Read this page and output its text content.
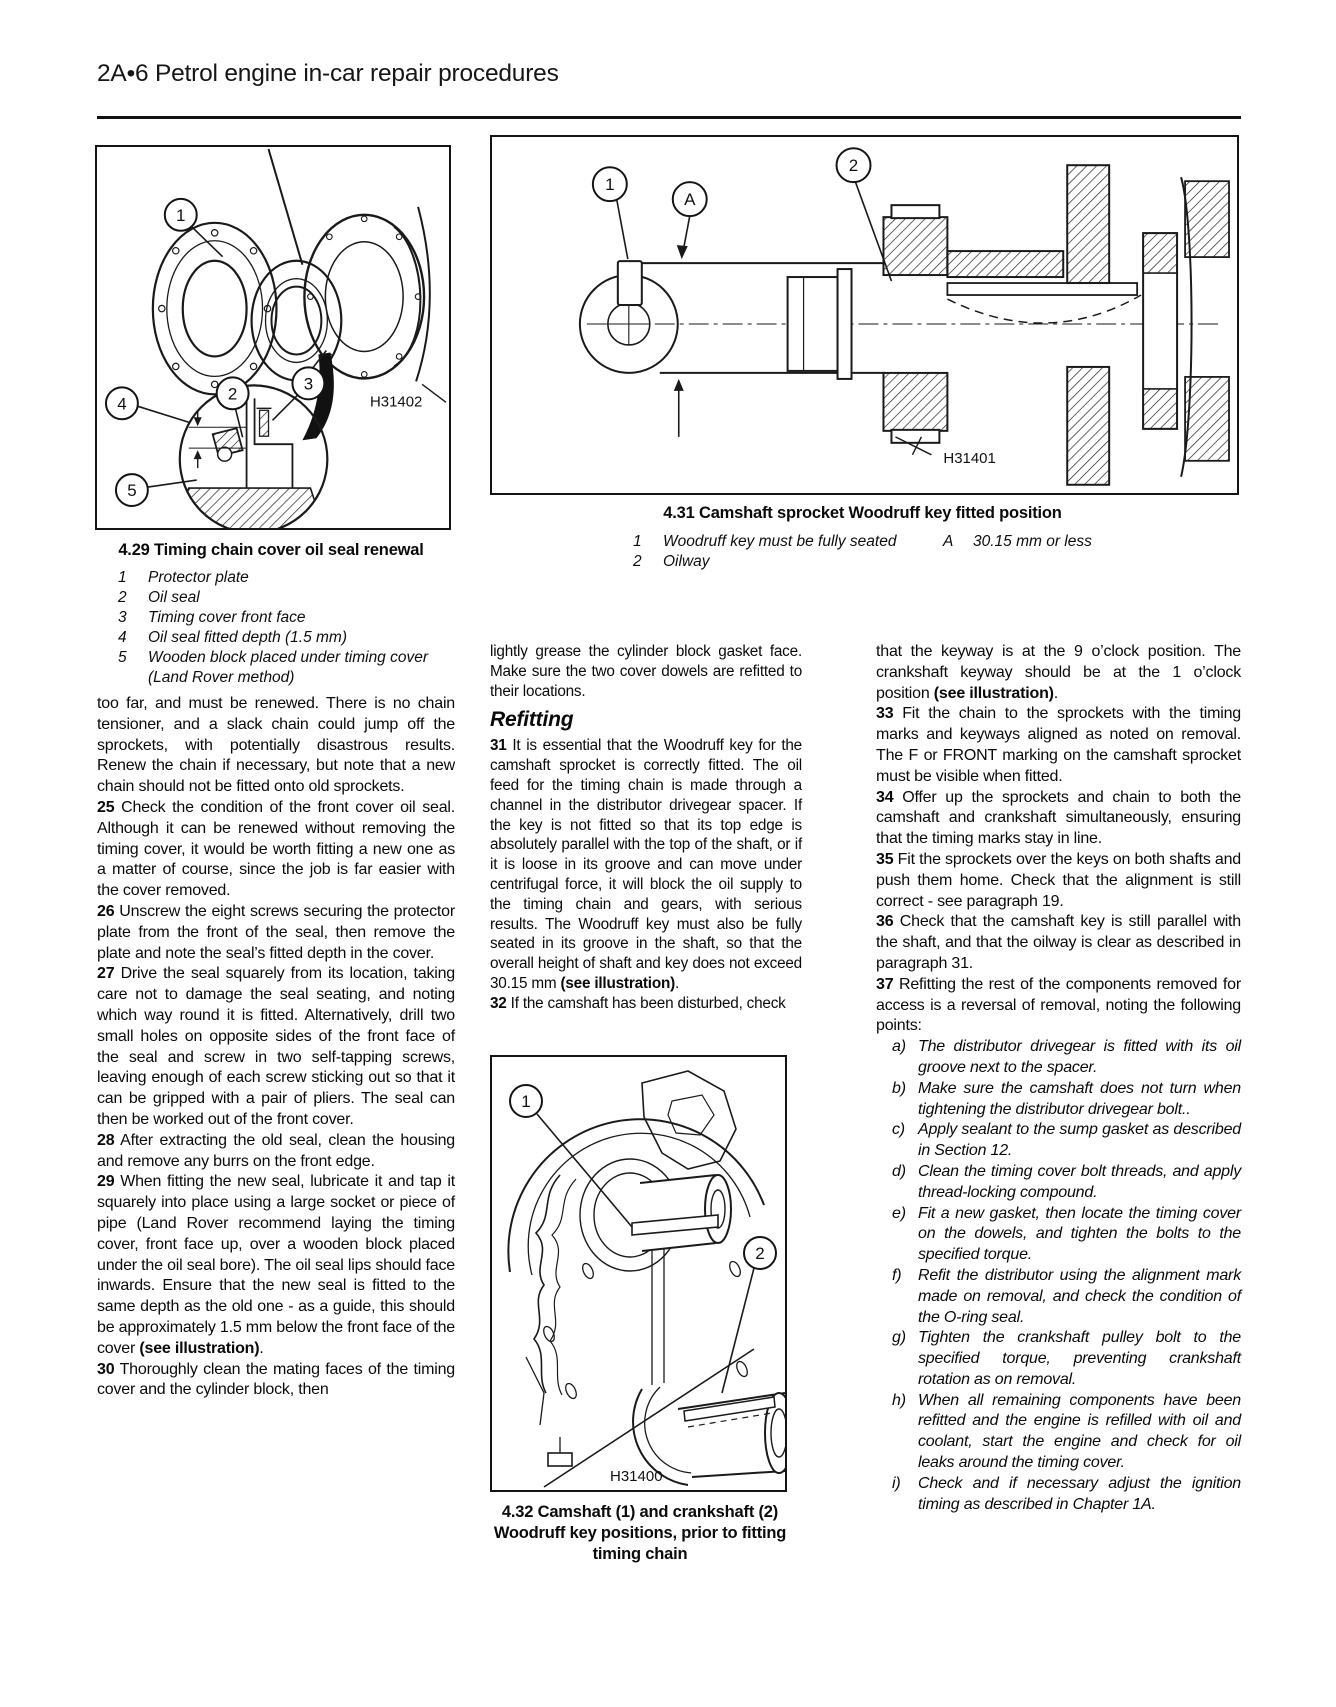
2A•6 Petrol engine in-car repair procedures
H31402
1
2
3
4
5
4.29 Timing chain cover oil seal renewal
1	Protector plate
2	Oil seal
3	Timing cover front face
4	Oil seal fitted depth (1.5 mm)
5	Wooden block placed under timing cover (Land Rover method)
1
A
2
H31401
4.31 Camshaft sprocket Woodruff key fitted position
1	Woodruff key must be fully seated
2	Oilway
A	30.15 mm or less
1
2
H31400
4.32 Camshaft (1) and crankshaft (2)
Woodruff key positions, prior to fitting
timing chain

too far, and must be renewed. There is no chain tensioner, and a slack chain could jump off the sprockets, with potentially disastrous results. Renew the chain if necessary, but note that a new chain should not be fitted onto old sprockets.

25 Check the condition of the front cover oil seal. Although it can be renewed without removing the timing cover, it would be worth fitting a new one as a matter of course, since the job is far easier with the cover removed.

26 Unscrew the eight screws securing the protector plate from the front of the seal, then remove the plate and note the seal’s fitted depth in the cover.

27 Drive the seal squarely from its location, taking care not to damage the seal seating, and noting which way round it is fitted. Alternatively, drill two small holes on opposite sides of the front face of the seal and screw in two self-tapping screws, leaving enough of each screw sticking out so that it can be gripped with a pair of pliers. The seal can then be worked out of the front cover.

28 After extracting the old seal, clean the housing and remove any burrs on the front edge.

29 When fitting the new seal, lubricate it and tap it squarely into place using a large socket or piece of pipe (Land Rover recommend laying the timing cover, front face up, over a wooden block placed under the oil seal bore). The oil seal lips should face inwards. Ensure that the new seal is fitted to the same depth as the old one - as a guide, this should be approximately 1.5 mm below the front face of the cover (see illustration).

30 Thoroughly clean the mating faces of the timing cover and the cylinder block, then

lightly grease the cylinder block gasket face. Make sure the two cover dowels are refitted to their locations.

Refitting

31 It is essential that the Woodruff key for the camshaft sprocket is correctly fitted. The oil feed for the timing chain is made through a channel in the distributor drivegear spacer. If the key is not fitted so that its top edge is absolutely parallel with the top of the shaft, or if it is loose in its groove and can move under centrifugal force, it will block the oil supply to the timing chain and gears, with serious results. The Woodruff key must also be fully seated in its groove in the shaft, so that the overall height of shaft and key does not exceed 30.15 mm (see illustration).

32 If the camshaft has been disturbed, check

that the keyway is at the 9 o’clock position. The crankshaft keyway should be at the 1 o’clock position (see illustration).

33 Fit the chain to the sprockets with the timing marks and keyways aligned as noted on removal. The F or FRONT marking on the camshaft sprocket must be visible when fitted.

34 Offer up the sprockets and chain to both the camshaft and crankshaft simultaneously, ensuring that the timing marks stay in line.

35 Fit the sprockets over the keys on both shafts and push them home. Check that the alignment is still correct - see paragraph 19.

36 Check that the camshaft key is still parallel with the shaft, and that the oilway is clear as described in paragraph 31.

37 Refitting the rest of the components removed for access is a reversal of removal, noting the following points:

a) The distributor drivegear is fitted with its oil groove next to the spacer.

b) Make sure the camshaft does not turn when tightening the distributor drivegear bolt..

c) Apply sealant to the sump gasket as described in Section 12.

d) Clean the timing cover bolt threads, and apply thread-locking compound.

e) Fit a new gasket, then locate the timing cover on the dowels, and tighten the bolts to the specified torque.

f)	Refit the distributor using the alignment mark made on removal, and check the condition of the O-ring seal.

g) Tighten the crankshaft pulley bolt to the specified torque, preventing crankshaft rotation as on removal.

h) When all remaining components have been refitted and the engine is refilled with oil and coolant, start the engine and check for oil leaks around the timing cover.

i)	Check and if necessary adjust the ignition timing as described in Chapter 1A.
